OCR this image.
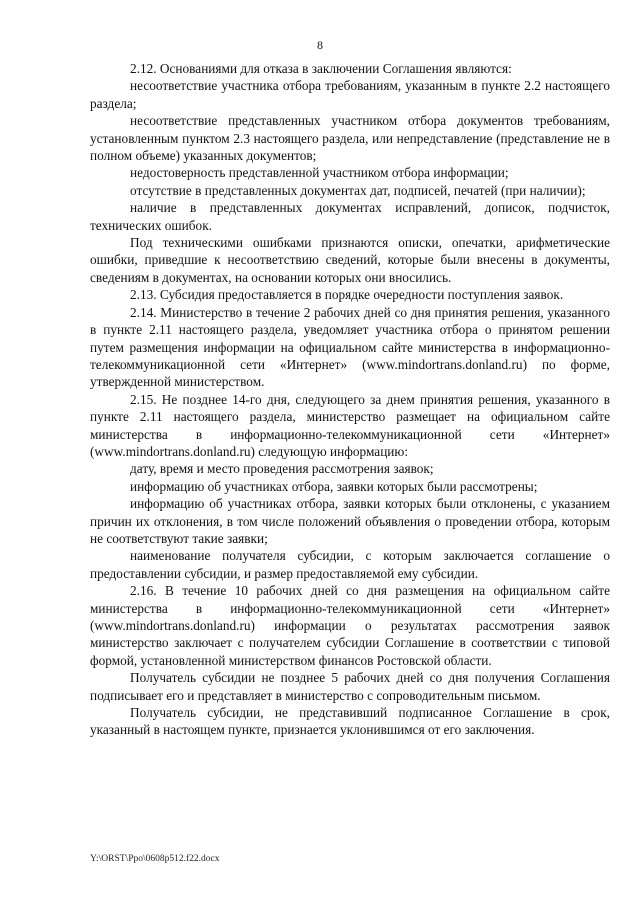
8

2.12. Основаниями для отказа в заключении Соглашения являются:

несоответствие участника отбора требованиям, указанным в пункте 2.2 настоящего раздела;

несоответствие представленных участником отбора документов требованиям, установленным пунктом 2.3 настоящего раздела, или непредставление (представление не в полном объеме) указанных документов;

недостоверность представленной участником отбора информации;

отсутствие в представленных документах дат, подписей, печатей (при наличии);

наличие в представленных документах исправлений, дописок, подчисток, технических ошибок.

Под техническими ошибками признаются описки, опечатки, арифметические ошибки, приведшие к несоответствию сведений, которые были внесены в документы, сведениям в документах, на основании которых они вносились.

2.13. Субсидия предоставляется в порядке очередности поступления заявок.

2.14. Министерство в течение 2 рабочих дней со дня принятия решения, указанного в пункте 2.11 настоящего раздела, уведомляет участника отбора о принятом решении путем размещения информации на официальном сайте министерства в информационно-телекоммуникационной сети «Интернет» (www.mindortrans.donland.ru) по форме, утвержденной министерством.

2.15. Не позднее 14-го дня, следующего за днем принятия решения, указанного в пункте 2.11 настоящего раздела, министерство размещает на официальном сайте министерства в информационно-телекоммуникационной сети «Интернет» (www.mindortrans.donland.ru) следующую информацию:

дату, время и место проведения рассмотрения заявок;

информацию об участниках отбора, заявки которых были рассмотрены;

информацию об участниках отбора, заявки которых были отклонены, с указанием причин их отклонения, в том числе положений объявления о проведении отбора, которым не соответствуют такие заявки;

наименование получателя субсидии, с которым заключается соглашение о предоставлении субсидии, и размер предоставляемой ему субсидии.

2.16. В течение 10 рабочих дней со дня размещения на официальном сайте министерства в информационно-телекоммуникационной сети «Интернет» (www.mindortrans.donland.ru) информации о результатах рассмотрения заявок министерство заключает с получателем субсидии Соглашение в соответствии с типовой формой, установленной министерством финансов Ростовской области.

Получатель субсидии не позднее 5 рабочих дней со дня получения Соглашения подписывает его и представляет в министерство с сопроводительным письмом.

Получатель субсидии, не представивший подписанное Соглашение в срок, указанный в настоящем пункте, признается уклонившимся от его заключения.

Y:\ORST\Ppo\0608p512.f22.docx
